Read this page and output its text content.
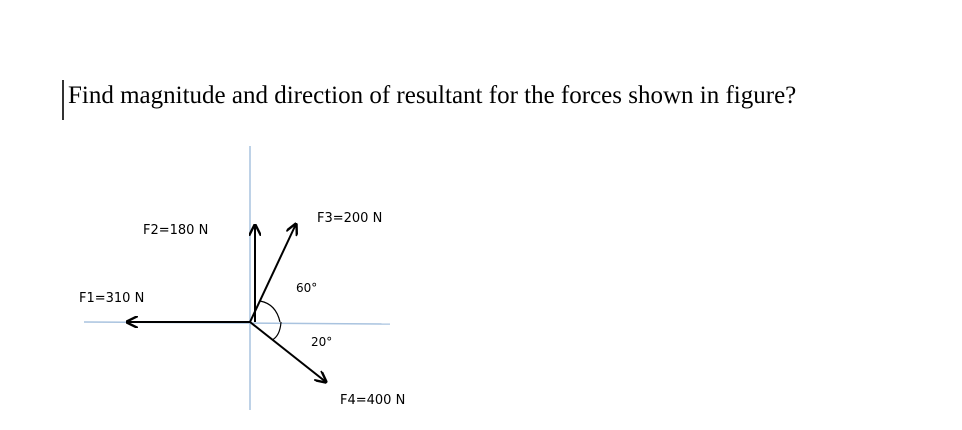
Find magnitude and direction of resultant for the forces shown in figure?
F2=180 N
F3=200 N
F1=310 N
F4=400 N
60°
20°
